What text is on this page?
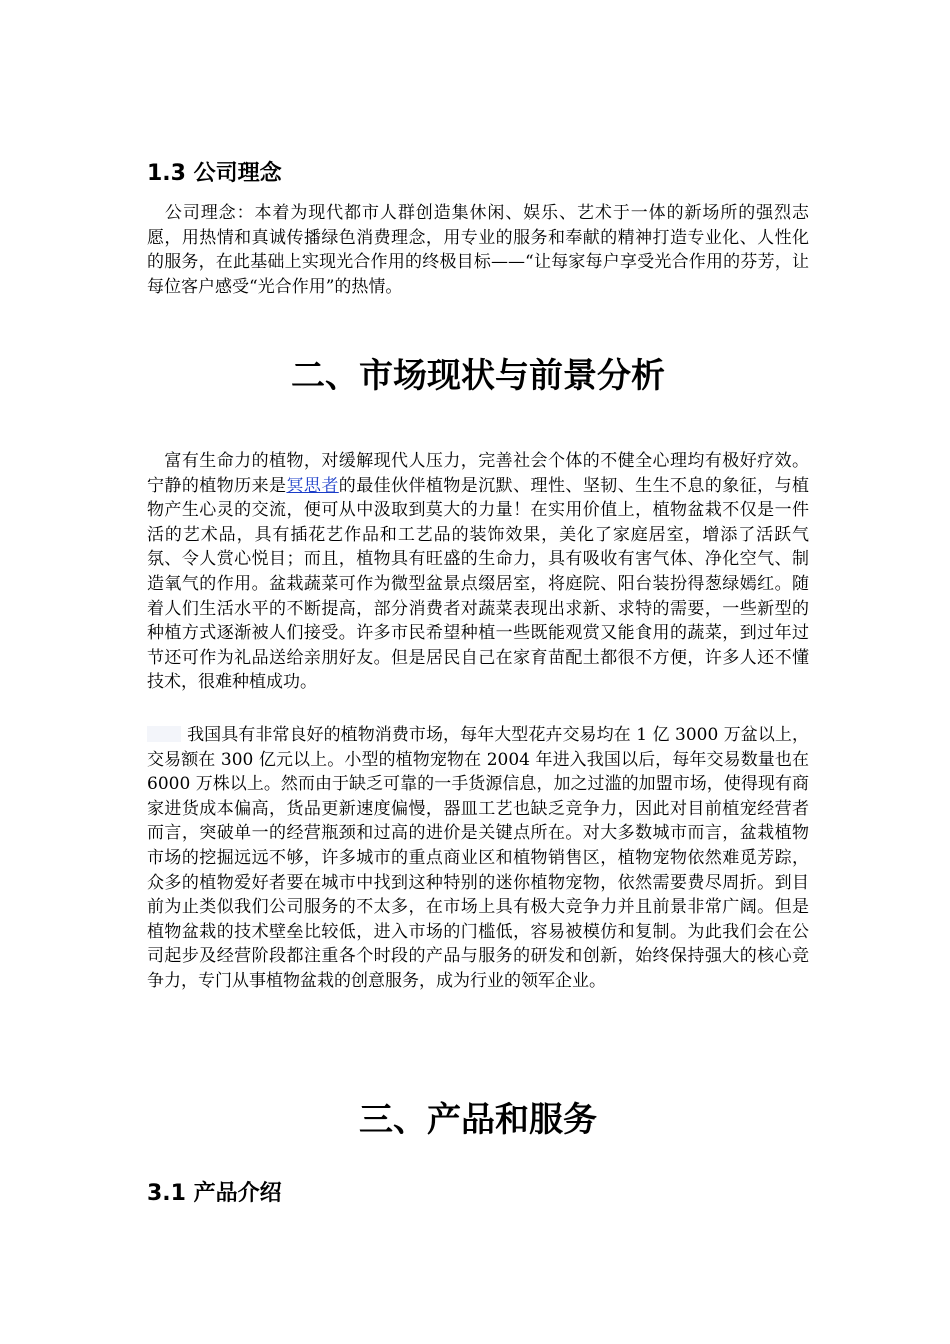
1.3 公司理念
公司理念：本着为现代都市人群创造集休闲、娱乐、艺术于一体的新场所的强烈志愿，用热情和真诚传播绿色消费理念，用专业的服务和奉献的精神打造专业化、人性化的服务，在此基础上实现光合作用的终极目标——“让每家每户享受光合作用的芬芳，让每位客户感受“光合作用”的热情。
二、市场现状与前景分析
富有生命力的植物，对缓解现代人压力，完善社会个体的不健全心理均有极好疗效。宁静的植物历来是冥思者的最佳伙伴植物是沉默、理性、坚韧、生生不息的象征，与植物产生心灵的交流，便可从中汲取到莫大的力量！在实用价值上，植物盆栽不仅是一件活的艺术品，具有插花艺作品和工艺品的装饰效果，美化了家庭居室，增添了活跃气氛、令人赏心悦目；而且，植物具有旺盛的生命力，具有吸收有害气体、净化空气、制造氧气的作用。盆栽蔬菜可作为微型盆景点缀居室，将庭院、阳台装扮得葱绿嫣红。随着人们生活水平的不断提高，部分消费者对蔬菜表现出求新、求特的需要，一些新型的种植方式逐渐被人们接受。许多市民希望种植一些既能观赏又能食用的蔬菜，到过年过节还可作为礼品送给亲朋好友。但是居民自己在家育苗配土都很不方便，许多人还不懂技术，很难种植成功。
我国具有非常良好的植物消费市场，每年大型花卉交易均在 1 亿 3000 万盆以上，交易额在 300 亿元以上。小型的植物宠物在 2004 年进入我国以后，每年交易数量也在 6000 万株以上。然而由于缺乏可靠的一手货源信息，加之过滥的加盟市场，使得现有商家进货成本偏高，货品更新速度偏慢，器皿工艺也缺乏竞争力，因此对目前植宠经营者而言，突破单一的经营瓶颈和过高的进价是关键点所在。对大多数城市而言，盆栽植物市场的挖掘远远不够，许多城市的重点商业区和植物销售区，植物宠物依然难觅芳踪，众多的植物爱好者要在城市中找到这种特别的迷你植物宠物，依然需要费尽周折。到目前为止类似我们公司服务的不太多，在市场上具有极大竞争力并且前景非常广阔。但是植物盆栽的技术壁垒比较低，进入市场的门槛低，容易被模仿和复制。为此我们会在公司起步及经营阶段都注重各个时段的产品与服务的研发和创新，始终保持强大的核心竞争力，专门从事植物盆栽的创意服务，成为行业的领军企业。
三、产品和服务
3.1 产品介绍
